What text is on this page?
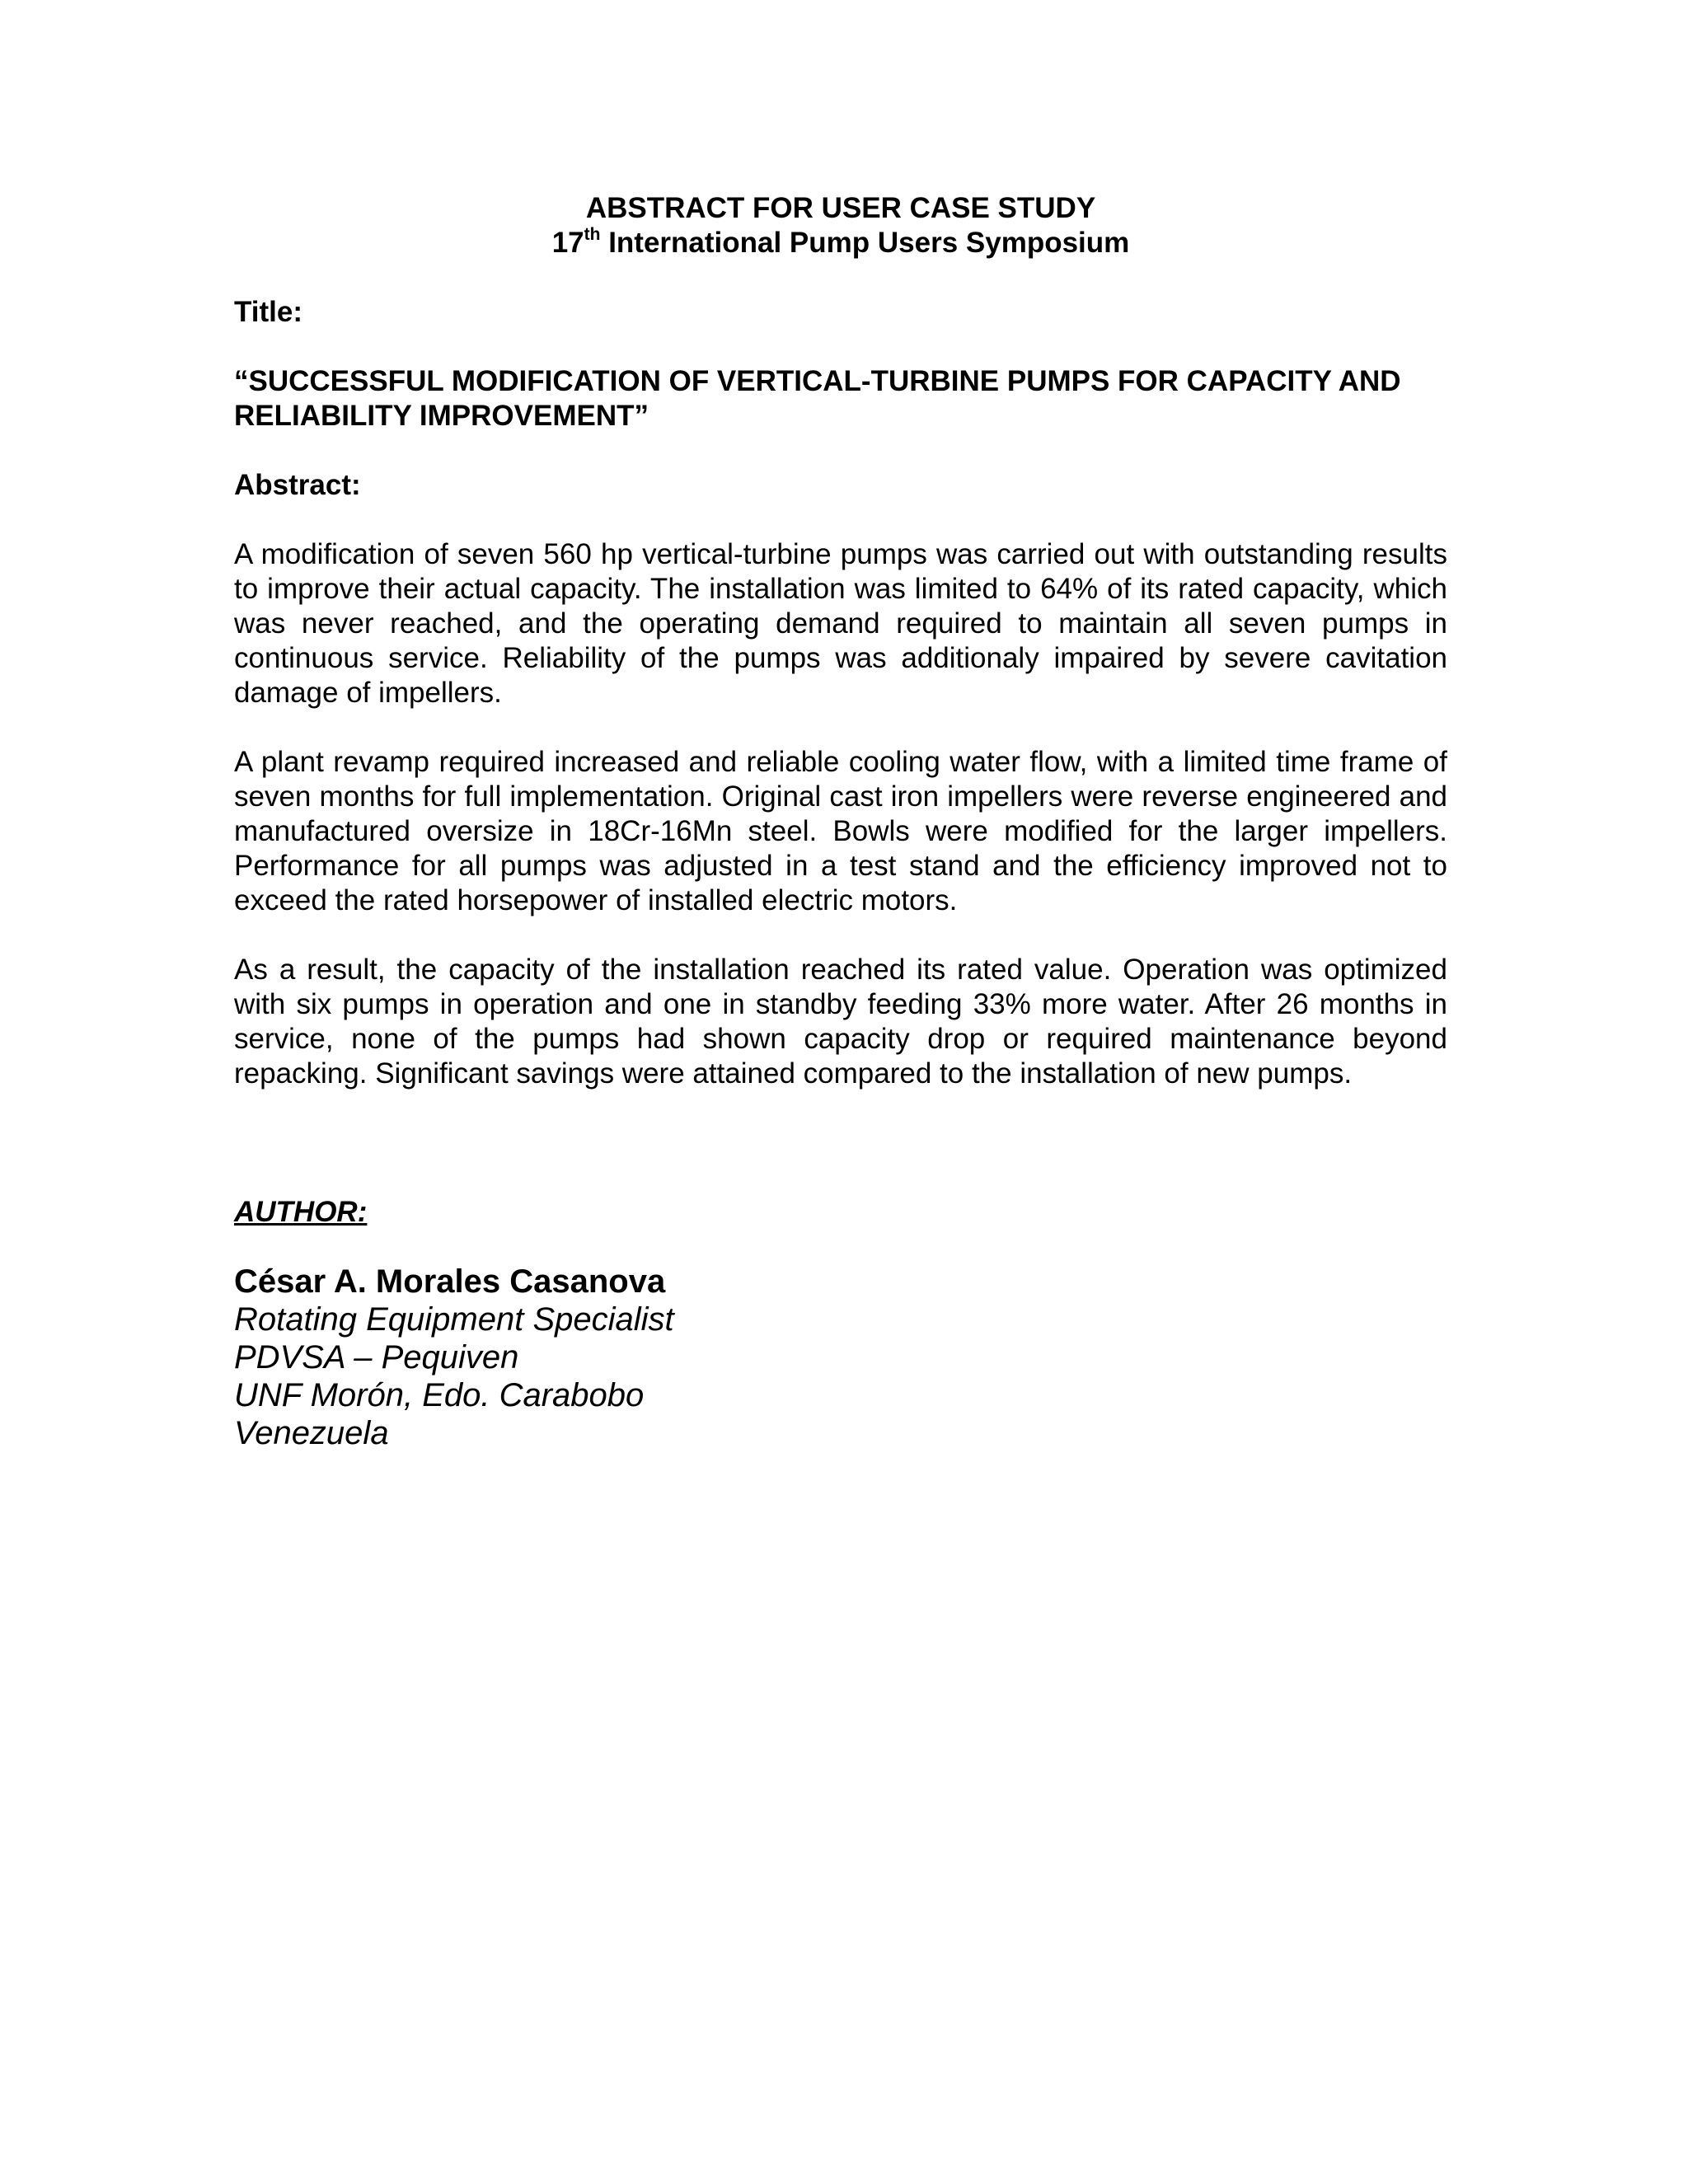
ABSTRACT FOR USER CASE STUDY
17th International Pump Users Symposium
Title:
“SUCCESSFUL MODIFICATION OF VERTICAL-TURBINE PUMPS FOR CAPACITY AND RELIABILITY IMPROVEMENT”
Abstract:

A modification of seven 560 hp vertical-turbine pumps was carried out with outstanding results to improve their actual capacity. The installation was limited to 64% of its rated capacity, which was never reached, and the operating demand required to maintain all seven pumps in continuous service. Reliability of the pumps was additionaly impaired by severe cavitation damage of impellers.

A plant revamp required increased and reliable cooling water flow, with a limited time frame of seven months for full implementation. Original cast iron impellers were reverse engineered and manufactured oversize in 18Cr-16Mn steel. Bowls were modified for the larger impellers. Performance for all pumps was adjusted in a test stand and the efficiency improved not to exceed the rated horsepower of installed electric motors.

As a result, the capacity of the installation reached its rated value. Operation was optimized with six pumps in operation and one in standby feeding 33% more water. After 26 months in service, none of the pumps had shown capacity drop or required maintenance beyond repacking. Significant savings were attained compared to the installation of new pumps.

AUTHOR:
César A. Morales Casanova
Rotating Equipment Specialist
PDVSA – Pequiven
UNF Morón, Edo. Carabobo
Venezuela
